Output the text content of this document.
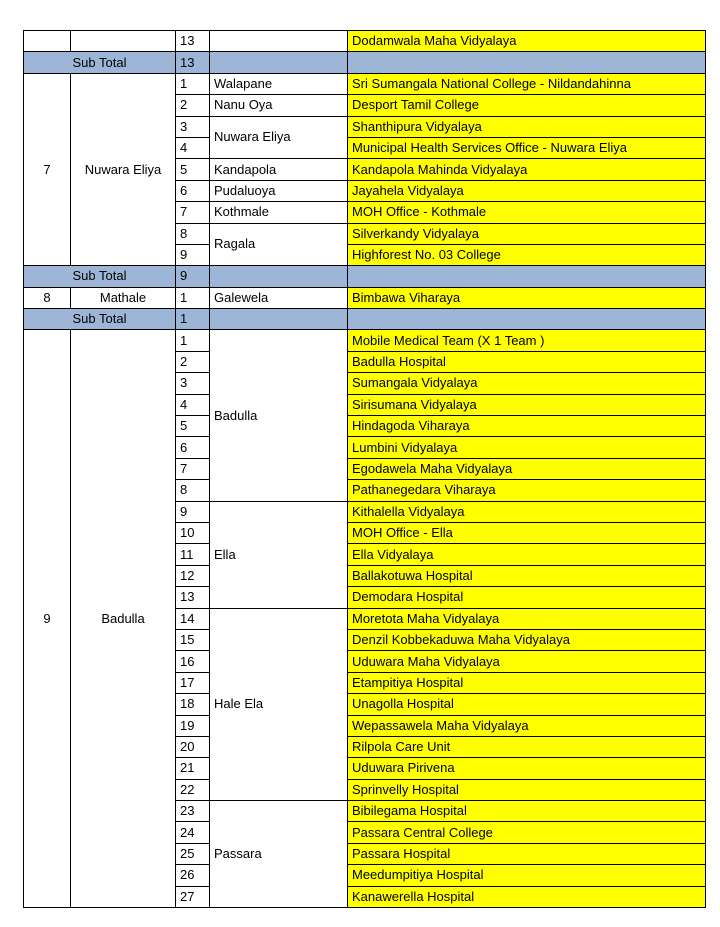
		13		Dodamwala Maha Vidyalaya
Sub Total		13		
7	Nuwara Eliya	1	Walapane	Sri Sumangala National College - Nildandahinna
		2	Nanu Oya	Desport Tamil College
		3	Nuwara Eliya	Shanthipura Vidyalaya
		4		Municipal Health Services Office - Nuwara Eliya
		5	Kandapola	Kandapola Mahinda Vidyalaya
		6	Pudaluoya	Jayahela Vidyalaya
		7	Kothmale	MOH Office - Kothmale
		8	Ragala	Silverkandy Vidyalaya
		9		Highforest No. 03 College
Sub Total		9		
8	Mathale	1	Galewela	Bimbawa Viharaya
Sub Total		1		
9	Badulla	1	Badulla	Mobile Medical Team (X 1 Team )
		2		Badulla Hospital
		3		Sumangala Vidyalaya
		4		Sirisumana Vidyalaya
		5		Hindagoda Viharaya
		6		Lumbini Vidyalaya
		7		Egodawela Maha Vidyalaya
		8		Pathanegedara Viharaya
		9	Ella	Kithalella Vidyalaya
		10		MOH Office - Ella
		11		Ella Vidyalaya
		12		Ballakotuwa Hospital
		13		Demodara Hospital
		14	Hale Ela	Moretota Maha Vidyalaya
		15		Denzil Kobbekaduwa Maha Vidyalaya
		16		Uduwara Maha Vidyalaya
		17		Etampitiya Hospital
		18		Unagolla Hospital
		19		Wepassawela Maha Vidyalaya
		20		Rilpola Care Unit
		21		Uduwara Pirivena
		22		Sprinvelly Hospital
		23	Passara	Bibilegama Hospital
		24		Passara Central College
		25		Passara Hospital
		26		Meedumpitiya Hospital
		27		Kanawerella Hospital
